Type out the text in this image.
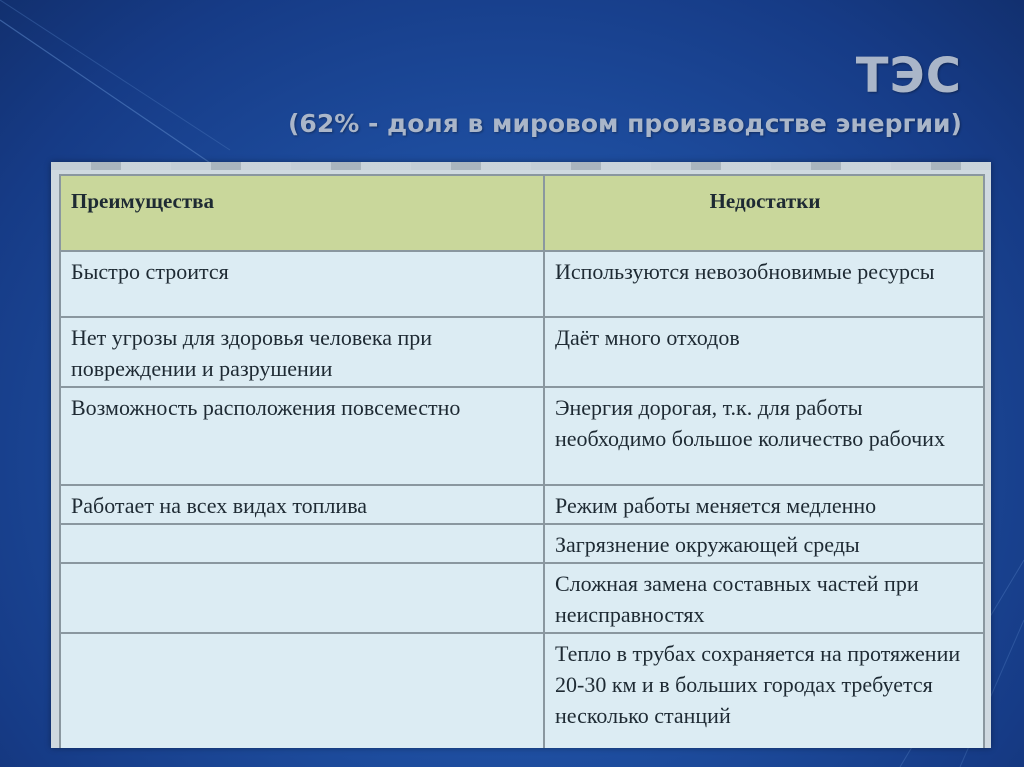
ТЭС
(62% - доля в мировом производстве энергии)
Преимущества	Недостатки
Быстро строится	Используются невозобновимые ресурсы
Нет угрозы для здоровья человека при повреждении и разрушении	Даёт много отходов
Возможность расположения повсеместно	Энергия дорогая, т.к. для работы необходимо большое количество рабочих
Работает на всех видах топлива	Режим работы меняется медленно
	Загрязнение окружающей среды
	Сложная замена составных частей при неисправностях
	Тепло в трубах сохраняется на протяжении 20-30 км и в больших городах требуется несколько станций
